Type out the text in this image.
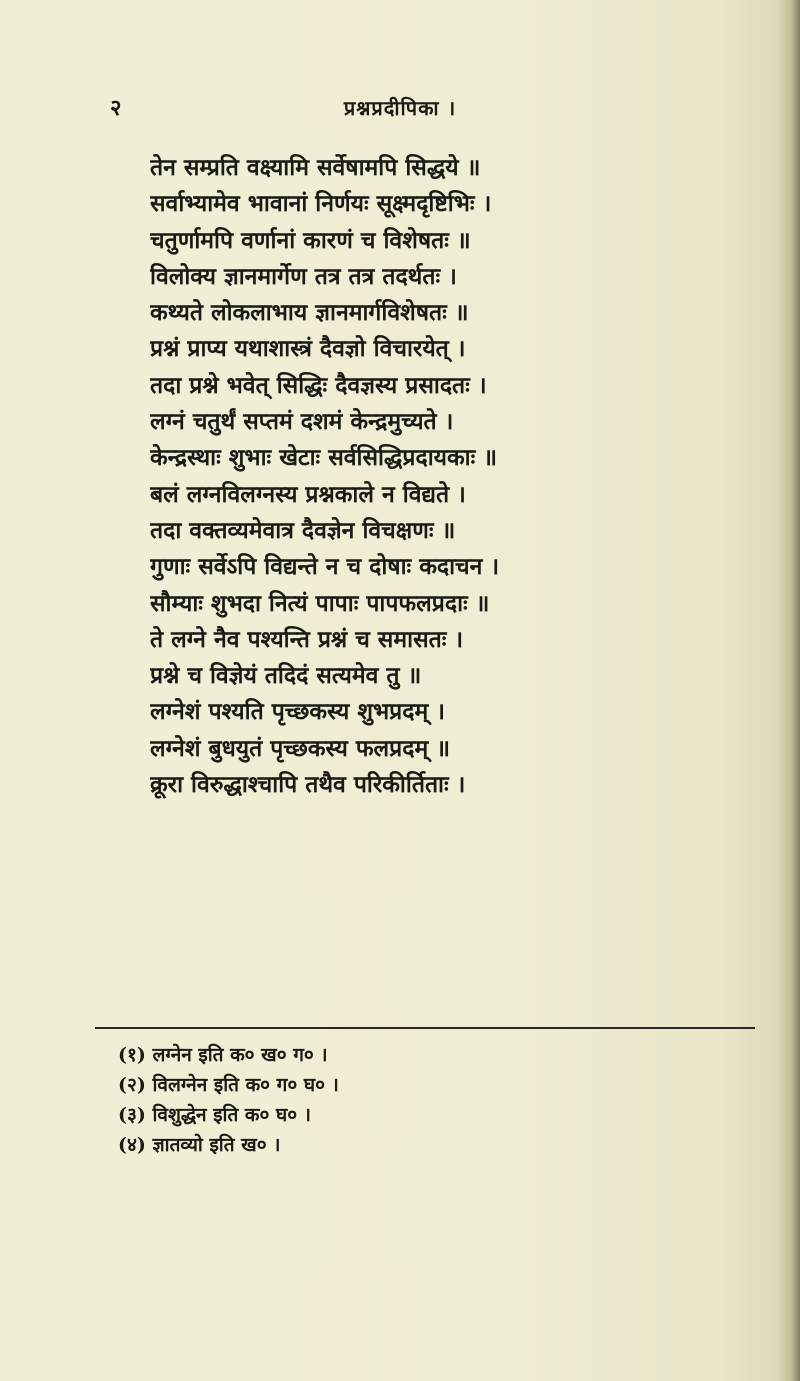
२	प्रश्नप्रदीपिका ।
तेन सम्प्रति वक्ष्यामि सर्वेषामपि सिद्धये ॥
सर्वाभ्यामेव भावानां निर्णयः सूक्ष्मदृष्टिभिः ।
चतुर्णामपि वर्णानां कारणं च विशेषतः ॥
विलोक्य ज्ञानमार्गेण तत्र तत्र तदर्थतः ।
कथ्यते लोकलाभाय ज्ञानमार्गविशेषतः ॥
प्रश्नं प्राप्य यथाशास्त्रं दैवज्ञो विचारयेत् ।
तदा प्रश्ने भवेत् सिद्धिः दैवज्ञस्य प्रसादतः ।
लग्नं चतुर्थं सप्तमं दशमं केन्द्रमुच्यते ।
केन्द्रस्थाः शुभाः खेटाः सर्वसिद्धिप्रदायकाः ॥
बलं लग्नविलग्नस्य प्रश्नकाले न विद्यते ।
तदा वक्तव्यमेवात्र दैवज्ञेन विचक्षणः ॥
गुणाः सर्वेऽपि विद्यन्ते न च दोषाः कदाचन ।
सौम्याः शुभदा नित्यं पापाः पापफलप्रदाः ॥
ते लग्ने नैव पश्यन्ति प्रश्नं च समासतः ।
प्रश्ने च विज्ञेयं तदिदं सत्यमेव तु ॥
लग्नेशं पश्यति पृच्छकस्य शुभप्रदम् ।
लग्नेशं बुधयुतं पृच्छकस्य फलप्रदम् ॥
क्रूरा विरुद्धाश्चापि तथैव परिकीर्तिताः ।
(१) लग्नेन इति क० ख० ग० ।
(२) विलग्नेन इति क० ग० घ० ।
(३) विशुद्धेन इति क० घ० ।
(४) ज्ञातव्यो इति ख० ।
